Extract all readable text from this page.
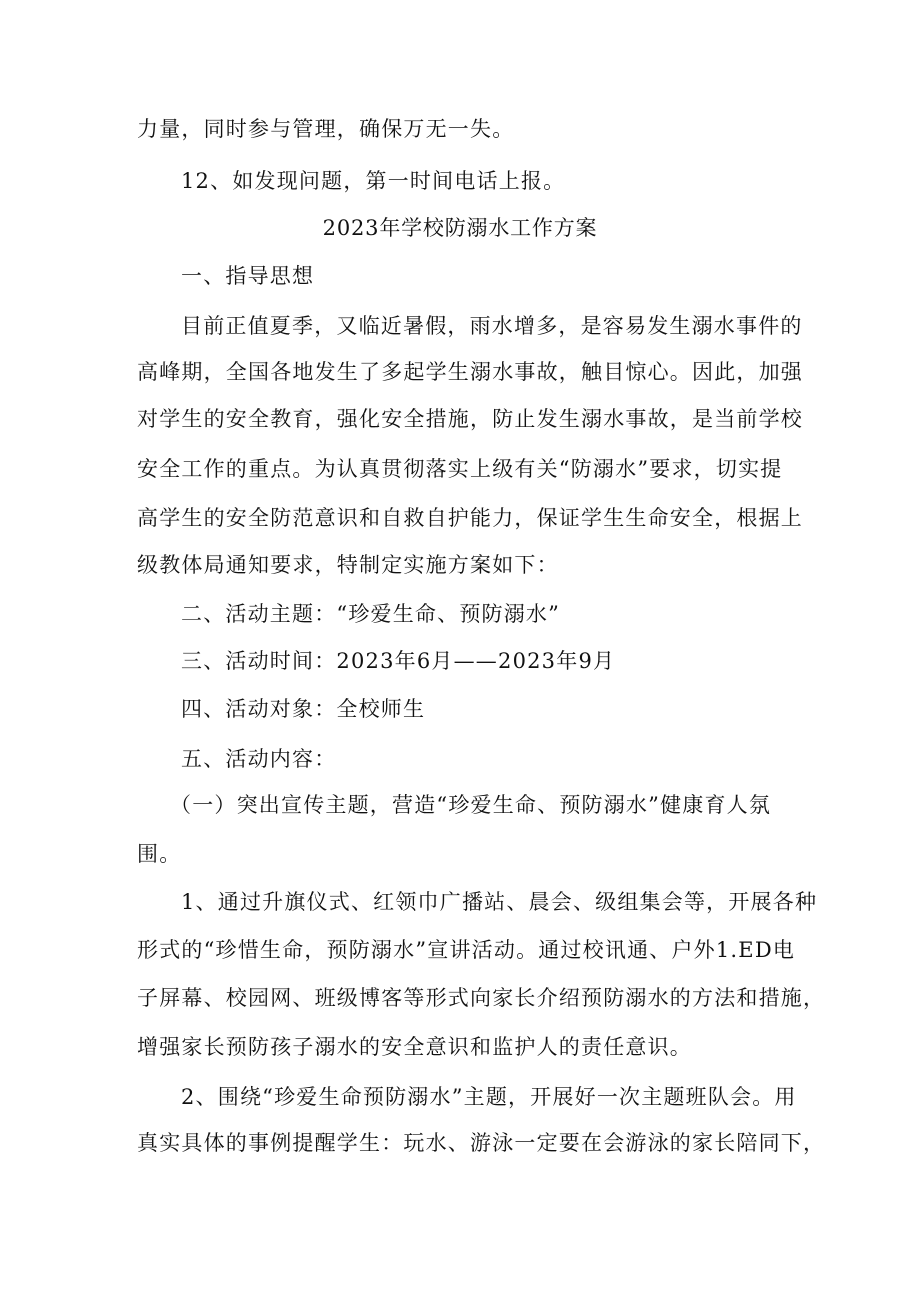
力量，同时参与管理，确保万无一失。
12、如发现问题，第一时间电话上报。
2023年学校防溺水工作方案
一、指导思想
目前正值夏季，又临近暑假，雨水增多，是容易发生溺水事件的
高峰期，全国各地发生了多起学生溺水事故，触目惊心。因此，加强
对学生的安全教育，强化安全措施，防止发生溺水事故，是当前学校
安全工作的重点。为认真贯彻落实上级有关“防溺水”要求，切实提
高学生的安全防范意识和自救自护能力，保证学生生命安全，根据上
级教体局通知要求，特制定实施方案如下：
二、活动主题：“珍爱生命、预防溺水”
三、活动时间：2023年6月——2023年9月
四、活动对象：全校师生
五、活动内容：
（一）突出宣传主题，营造“珍爱生命、预防溺水”健康育人氛
围。
1、通过升旗仪式、红领巾广播站、晨会、级组集会等，开展各种
形式的“珍惜生命，预防溺水”宣讲活动。通过校讯通、户外1.ED电
子屏幕、校园网、班级博客等形式向家长介绍预防溺水的方法和措施，
增强家长预防孩子溺水的安全意识和监护人的责任意识。
2、围绕“珍爱生命预防溺水”主题，开展好一次主题班队会。用
真实具体的事例提醒学生：玩水、游泳一定要在会游泳的家长陪同下，
